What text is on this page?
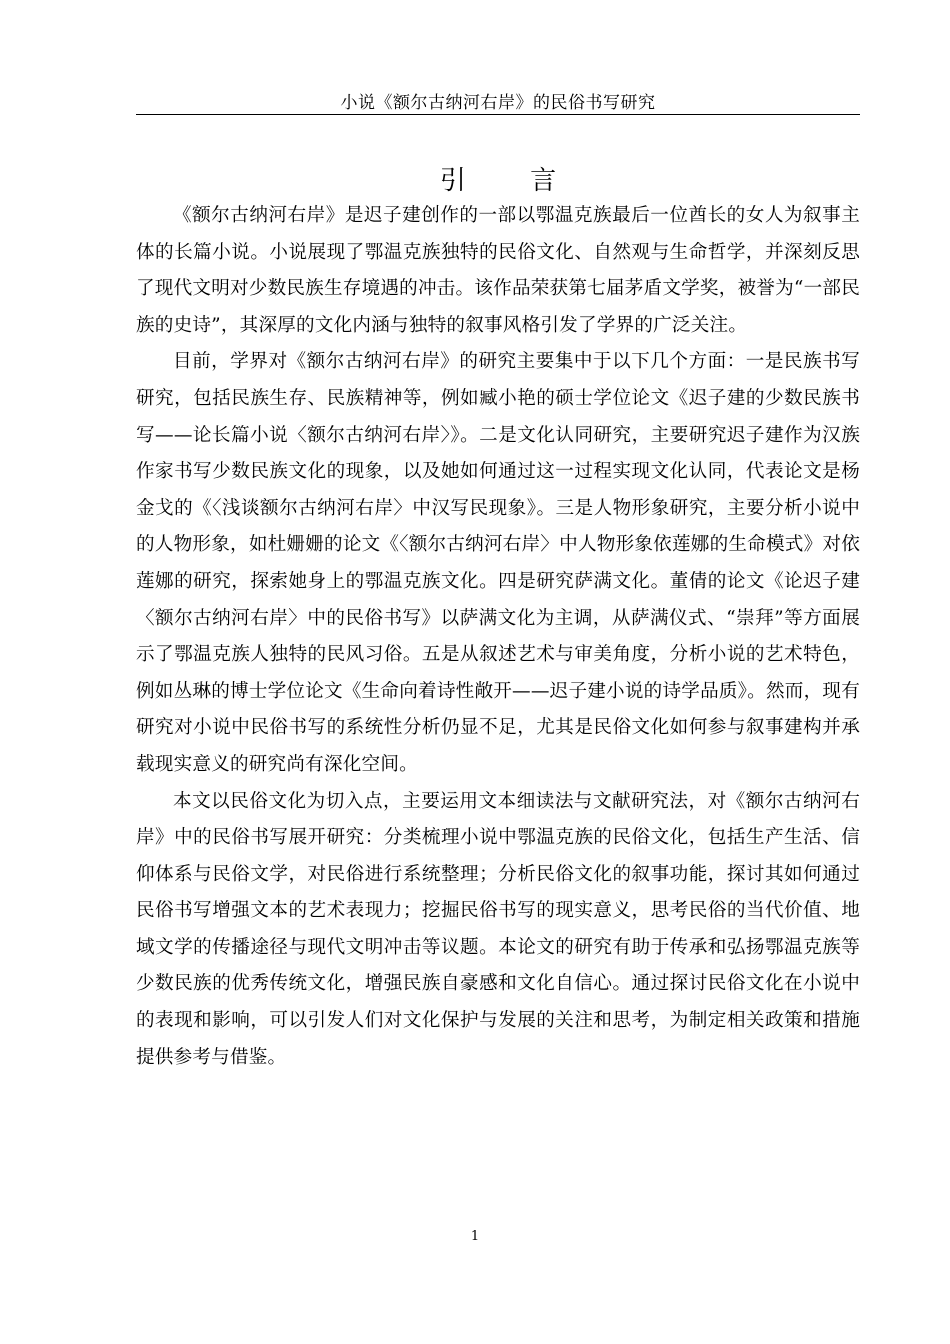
小说《额尔古纳河右岸》的民俗书写研究
引 言

《额尔古纳河右岸》是迟子建创作的一部以鄂温克族最后一位酋长的女人为叙事主体的长篇小说。小说展现了鄂温克族独特的民俗文化、自然观与生命哲学，并深刻反思了现代文明对少数民族生存境遇的冲击。该作品荣获第七届茅盾文学奖，被誉为“一部民族的史诗”，其深厚的文化内涵与独特的叙事风格引发了学界的广泛关注。

目前，学界对《额尔古纳河右岸》的研究主要集中于以下几个方面：一是民族书写研究，包括民族生存、民族精神等，例如臧小艳的硕士学位论文《迟子建的少数民族书写——论长篇小说〈额尔古纳河右岸〉》。二是文化认同研究，主要研究迟子建作为汉族作家书写少数民族文化的现象，以及她如何通过这一过程实现文化认同，代表论文是杨金戈的《〈浅谈额尔古纳河右岸〉中汉写民现象》。三是人物形象研究，主要分析小说中的人物形象，如杜姗姗的论文《〈额尔古纳河右岸〉中人物形象依莲娜的生命模式》对依莲娜的研究，探索她身上的鄂温克族文化。四是研究萨满文化。董倩的论文《论迟子建〈额尔古纳河右岸〉中的民俗书写》以萨满文化为主调，从萨满仪式、“崇拜”等方面展示了鄂温克族人独特的民风习俗。五是从叙述艺术与审美角度，分析小说的艺术特色，例如丛琳的博士学位论文《生命向着诗性敞开——迟子建小说的诗学品质》。然而，现有研究对小说中民俗书写的系统性分析仍显不足，尤其是民俗文化如何参与叙事建构并承载现实意义的研究尚有深化空间。

本文以民俗文化为切入点，主要运用文本细读法与文献研究法，对《额尔古纳河右岸》中的民俗书写展开研究：分类梳理小说中鄂温克族的民俗文化，包括生产生活、信仰体系与民俗文学，对民俗进行系统整理；分析民俗文化的叙事功能，探讨其如何通过民俗书写增强文本的艺术表现力；挖掘民俗书写的现实意义，思考民俗的当代价值、地域文学的传播途径与现代文明冲击等议题。本论文的研究有助于传承和弘扬鄂温克族等少数民族的优秀传统文化，增强民族自豪感和文化自信心。通过探讨民俗文化在小说中的表现和影响，可以引发人们对文化保护与发展的关注和思考，为制定相关政策和措施提供参考与借鉴。

1
